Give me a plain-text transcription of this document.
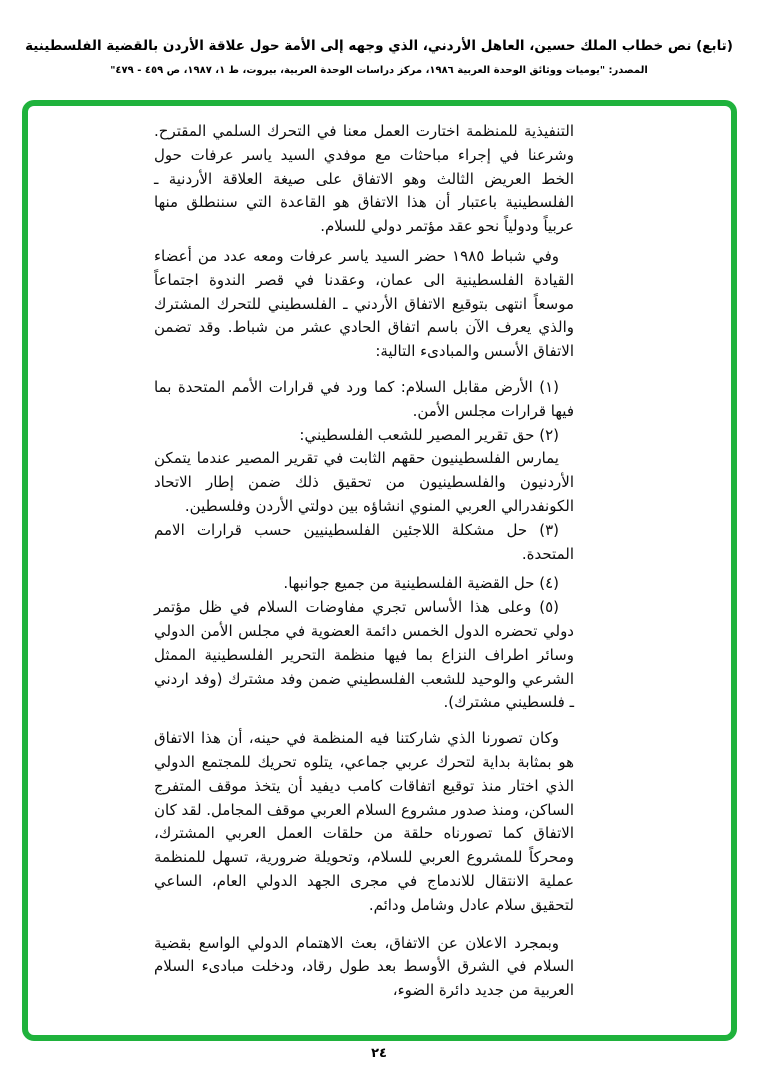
(تابع) نص خطاب الملك حسين، العاهل الأردني، الذي وجهه إلى الأمة حول علاقة الأردن بالقضية الفلسطينية
المصدر: "يوميات ووثائق الوحدة العربية ١٩٨٦، مركز دراسات الوحدة العربية، بيروت، ط ١، ١٩٨٧، ص ٤٥٩ - ٤٧٩"

التنفيذية للمنظمة اختارت العمل معنا في التحرك السلمي المقترح. وشرعنا في إجراء مباحثات مع موفدي السيد ياسر عرفات حول الخط العريض الثالث وهو الاتفاق على صيغة العلاقة الأردنية ـ الفلسطينية باعتبار أن هذا الاتفاق هو القاعدة التي سننطلق منها عربياً ودولياً نحو عقد مؤتمر دولي للسلام.

وفي شباط ١٩٨٥ حضر السيد ياسر عرفات ومعه عدد من أعضاء القيادة الفلسطينية الى عمان، وعقدنا في قصر الندوة اجتماعاً موسعاً انتهى بتوقيع الاتفاق الأردني ـ الفلسطيني للتحرك المشترك والذي يعرف الآن باسم اتفاق الحادي عشر من شباط. وقد تضمن الاتفاق الأسس والمبادىء التالية:

(١) الأرض مقابل السلام: كما ورد في قرارات الأمم المتحدة بما فيها قرارات مجلس الأمن.

(٢) حق تقرير المصير للشعب الفلسطيني:

يمارس الفلسطينيون حقهم الثابت في تقرير المصير عندما يتمكن الأردنيون والفلسطينيون من تحقيق ذلك ضمن إطار الاتحاد الكونفدرالي العربي المنوي انشاؤه بين دولتي الأردن وفلسطين.

(٣) حل مشكلة اللاجئين الفلسطينيين حسب قرارات الامم المتحدة.

(٤) حل القضية الفلسطينية من جميع جوانبها.

(٥) وعلى هذا الأساس تجري مفاوضات السلام في ظل مؤتمر دولي تحضره الدول الخمس دائمة العضوية في مجلس الأمن الدولي وسائر اطراف النزاع بما فيها منظمة التحرير الفلسطينية الممثل الشرعي والوحيد للشعب الفلسطيني ضمن وفد مشترك (وفد اردني ـ فلسطيني مشترك).

وكان تصورنا الذي شاركتنا فيه المنظمة في حينه، أن هذا الاتفاق هو بمثابة بداية لتحرك عربي جماعي، يتلوه تحريك للمجتمع الدولي الذي اختار منذ توقيع اتفاقات كامب ديفيد أن يتخذ موقف المتفرج الساكن، ومنذ صدور مشروع السلام العربي موقف المجامل. لقد كان الاتفاق كما تصورناه حلقة من حلقات العمل العربي المشترك، ومحركاً للمشروع العربي للسلام، وتحويلة ضرورية، تسهل للمنظمة عملية الانتقال للاندماج في مجرى الجهد الدولي العام، الساعي لتحقيق سلام عادل وشامل ودائم.

وبمجرد الاعلان عن الاتفاق، بعث الاهتمام الدولي الواسع بقضية السلام في الشرق الأوسط بعد طول رقاد، ودخلت مبادىء السلام العربية من جديد دائرة الضوء،

٢٤
